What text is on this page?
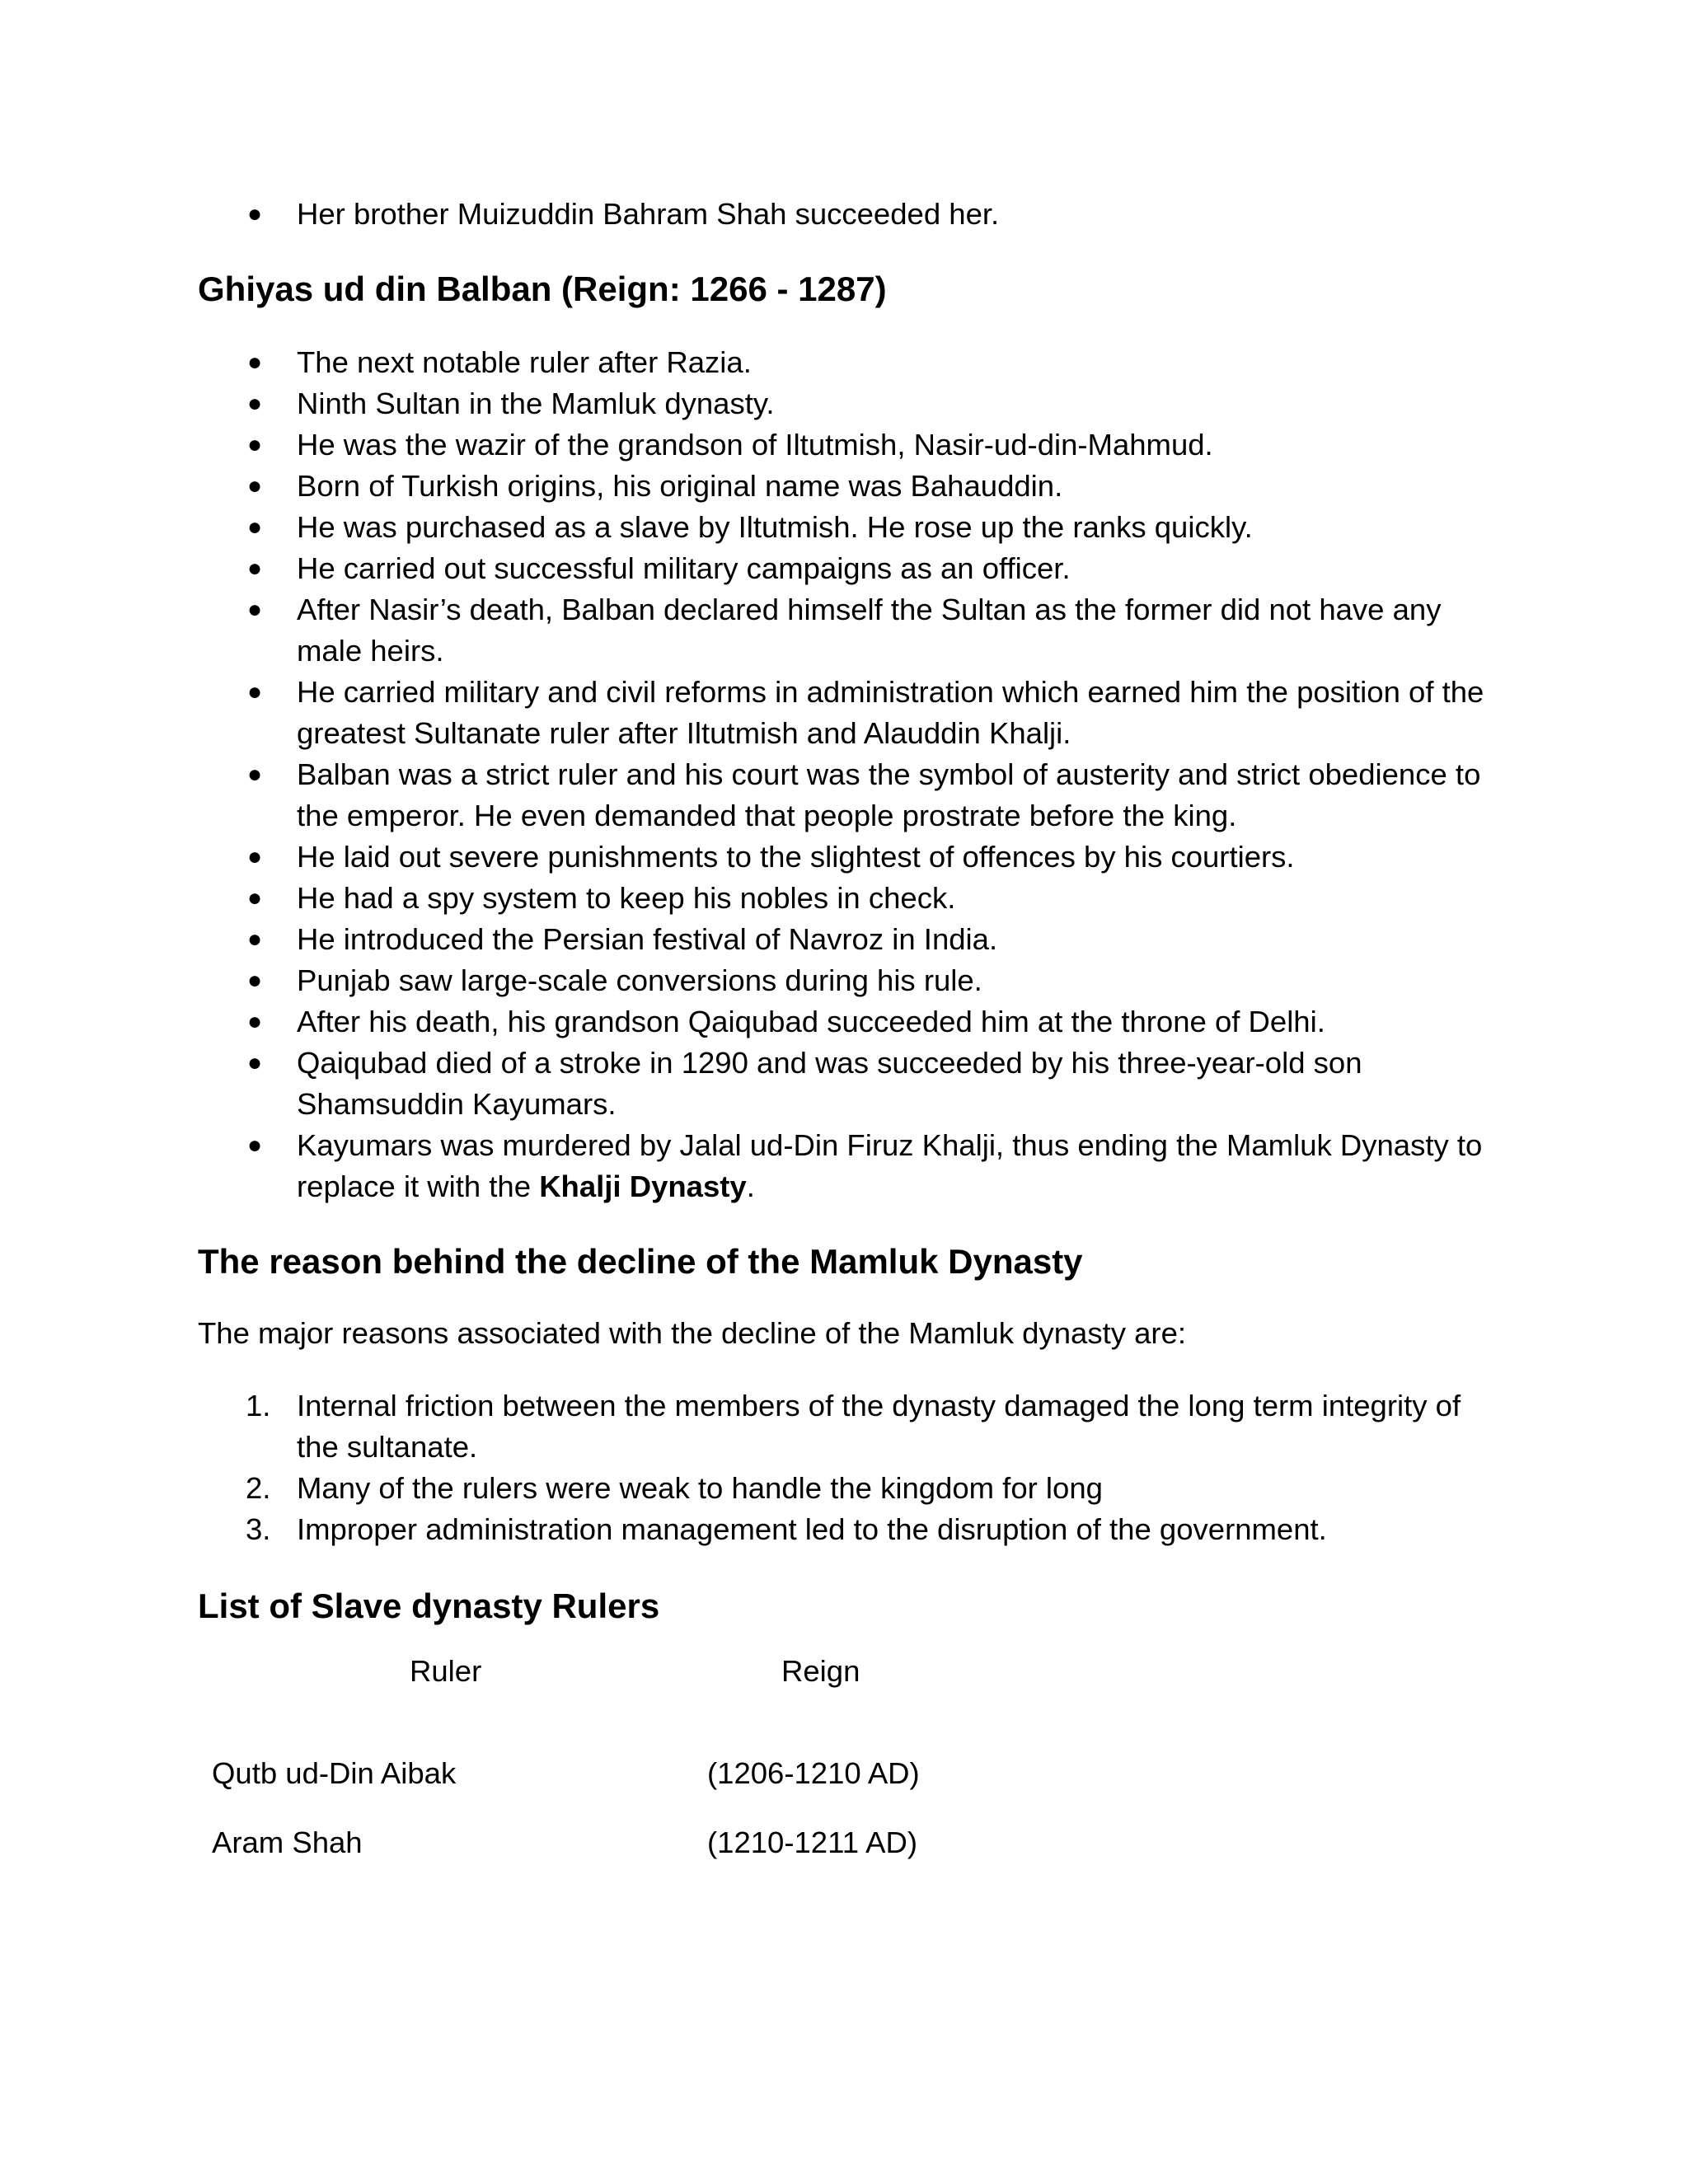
●	Her brother Muizuddin Bahram Shah succeeded her.
Ghiyas ud din Balban (Reign: 1266 - 1287)
●	The next notable ruler after Razia.
●	Ninth Sultan in the Mamluk dynasty.
●	He was the wazir of the grandson of Iltutmish, Nasir-ud-din-Mahmud.
●	Born of Turkish origins, his original name was Bahauddin.
●	He was purchased as a slave by Iltutmish. He rose up the ranks quickly.
●	He carried out successful military campaigns as an officer.
●	After Nasir’s death, Balban declared himself the Sultan as the former did not have any male heirs.
●	He carried military and civil reforms in administration which earned him the position of the greatest Sultanate ruler after Iltutmish and Alauddin Khalji.
●	Balban was a strict ruler and his court was the symbol of austerity and strict obedience to the emperor. He even demanded that people prostrate before the king.
●	He laid out severe punishments to the slightest of offences by his courtiers.
●	He had a spy system to keep his nobles in check.
●	He introduced the Persian festival of Navroz in India.
●	Punjab saw large-scale conversions during his rule.
●	After his death, his grandson Qaiqubad succeeded him at the throne of Delhi.
●	Qaiqubad died of a stroke in 1290 and was succeeded by his three-year-old son Shamsuddin Kayumars.
●	Kayumars was murdered by Jalal ud-Din Firuz Khalji, thus ending the Mamluk Dynasty to replace it with the Khalji Dynasty.
The reason behind the decline of the Mamluk Dynasty

The major reasons associated with the decline of the Mamluk dynasty are:

1. Internal friction between the members of the dynasty damaged the long term integrity of the sultanate.
2. Many of the rulers were weak to handle the kingdom for long
3. Improper administration management led to the disruption of the government.
List of Slave dynasty Rulers
Ruler	Reign
Qutb ud-Din Aibak	(1206-1210 AD)
Aram Shah	(1210-1211 AD)
